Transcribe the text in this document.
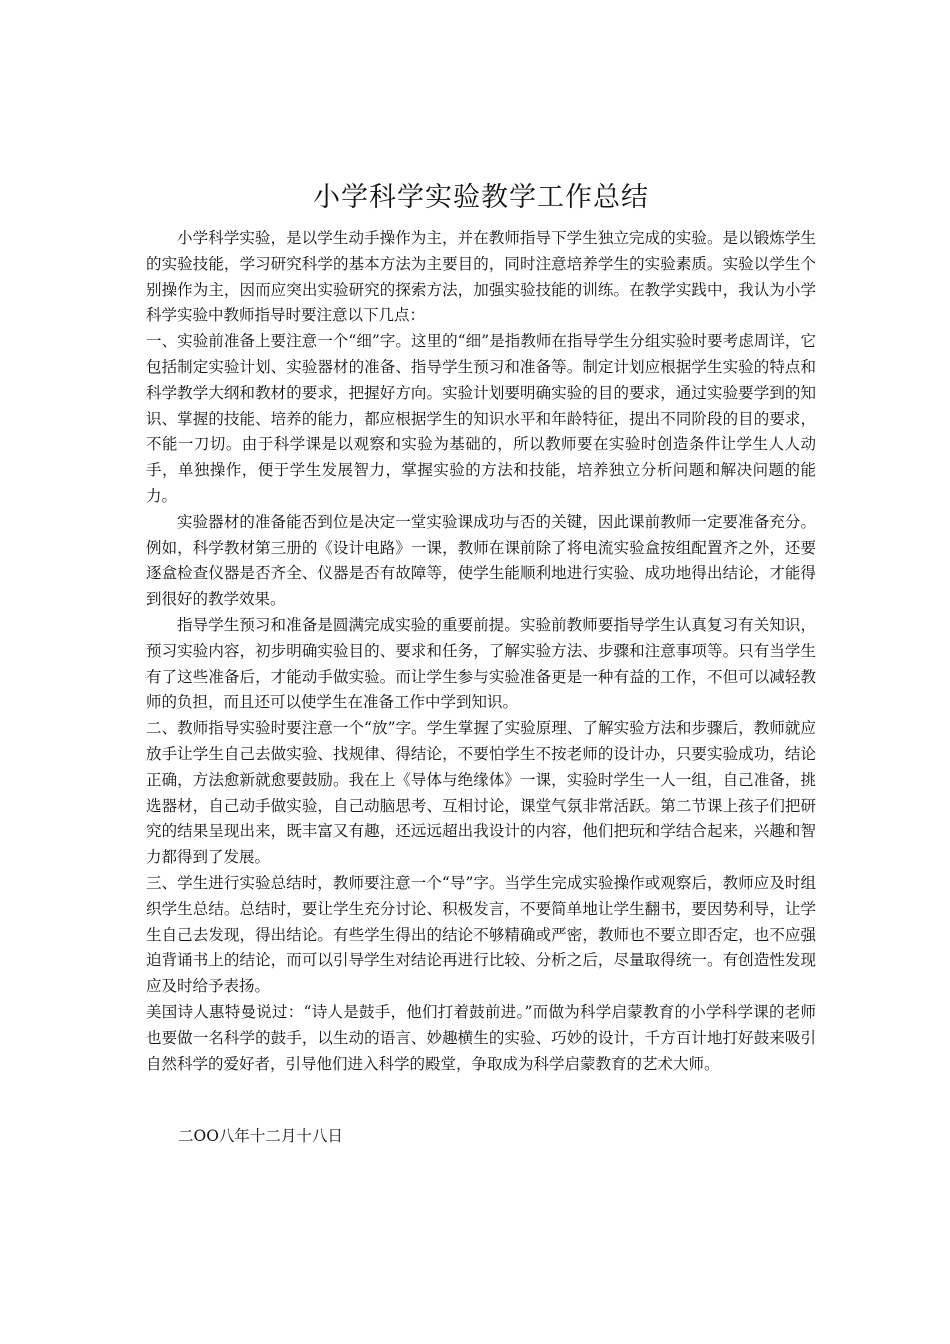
小学科学实验教学工作总结

小学科学实验，是以学生动手操作为主，并在教师指导下学生独立完成的实验。是以锻炼学生的实验技能，学习研究科学的基本方法为主要目的，同时注意培养学生的实验素质。实验以学生个别操作为主，因而应突出实验研究的探索方法，加强实验技能的训练。在教学实践中，我认为小学科学实验中教师指导时要注意以下几点：

一、实验前准备上要注意一个“细”字。这里的“细”是指教师在指导学生分组实验时要考虑周详，它包括制定实验计划、实验器材的准备、指导学生预习和准备等。制定计划应根据学生实验的特点和科学教学大纲和教材的要求，把握好方向。实验计划要明确实验的目的要求，通过实验要学到的知识、掌握的技能、培养的能力，都应根据学生的知识水平和年龄特征，提出不同阶段的目的要求，不能一刀切。由于科学课是以观察和实验为基础的，所以教师要在实验时创造条件让学生人人动手，单独操作，便于学生发展智力，掌握实验的方法和技能，培养独立分析问题和解决问题的能力。

实验器材的准备能否到位是决定一堂实验课成功与否的关键，因此课前教师一定要准备充分。例如，科学教材第三册的《设计电路》一课，教师在课前除了将电流实验盒按组配置齐之外，还要逐盒检查仪器是否齐全、仪器是否有故障等，使学生能顺利地进行实验、成功地得出结论，才能得到很好的教学效果。

指导学生预习和准备是圆满完成实验的重要前提。实验前教师要指导学生认真复习有关知识，预习实验内容，初步明确实验目的、要求和任务，了解实验方法、步骤和注意事项等。只有当学生有了这些准备后，才能动手做实验。而让学生参与实验准备更是一种有益的工作，不但可以减轻教师的负担，而且还可以使学生在准备工作中学到知识。

二、教师指导实验时要注意一个“放”字。学生掌握了实验原理、了解实验方法和步骤后，教师就应放手让学生自己去做实验、找规律、得结论，不要怕学生不按老师的设计办，只要实验成功，结论正确，方法愈新就愈要鼓励。我在上《导体与绝缘体》一课，实验时学生一人一组，自己准备，挑选器材，自己动手做实验，自己动脑思考、互相讨论，课堂气氛非常活跃。第二节课上孩子们把研究的结果呈现出来，既丰富又有趣，还远远超出我设计的内容，他们把玩和学结合起来，兴趣和智力都得到了发展。

三、学生进行实验总结时，教师要注意一个“导”字。当学生完成实验操作或观察后，教师应及时组织学生总结。总结时，要让学生充分讨论、积极发言，不要简单地让学生翻书，要因势利导，让学生自己去发现，得出结论。有些学生得出的结论不够精确或严密，教师也不要立即否定，也不应强迫背诵书上的结论，而可以引导学生对结论再进行比较、分析之后，尽量取得统一。有创造性发现应及时给予表扬。

美国诗人惠特曼说过：“诗人是鼓手，他们打着鼓前进。”而做为科学启蒙教育的小学科学课的老师也要做一名科学的鼓手，以生动的语言、妙趣横生的实验、巧妙的设计，千方百计地打好鼓来吸引自然科学的爱好者，引导他们进入科学的殿堂，争取成为科学启蒙教育的艺术大师。

二OO八年十二月十八日
